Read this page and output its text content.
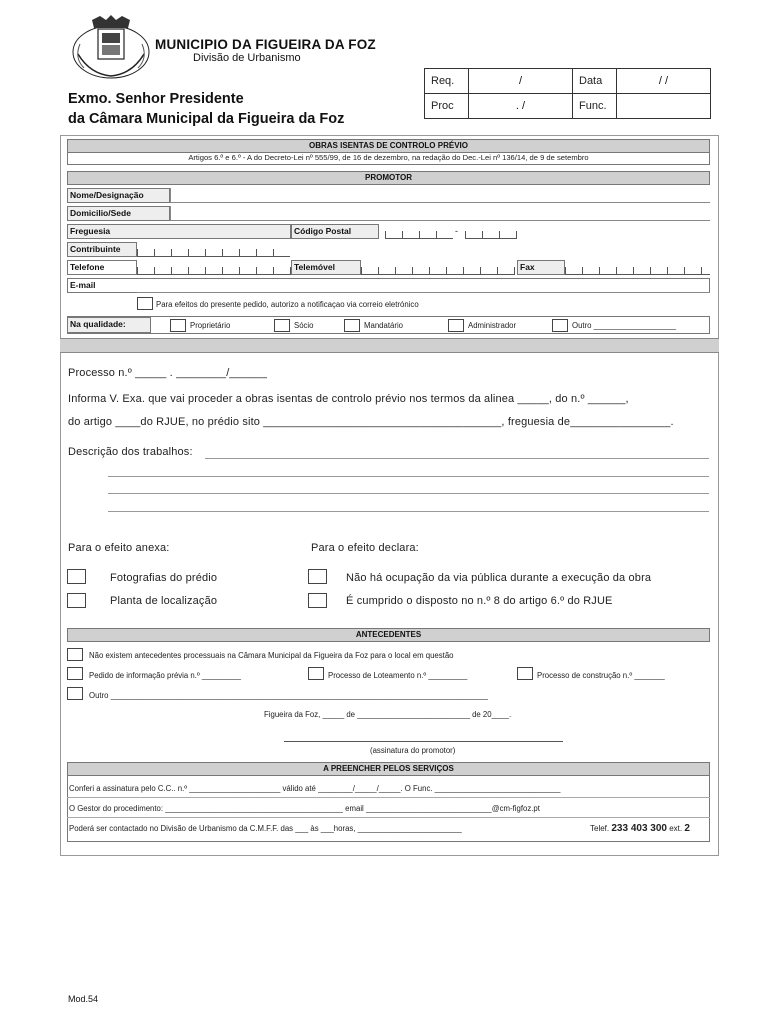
MUNICIPIO DA FIGUEIRA DA FOZ
Divisão de Urbanismo
Exmo. Senhor Presidente
da Câmara Municipal da Figueira da Foz
Req.	/	Data	/ /
Proc	. /	Func.	
OBRAS ISENTAS DE CONTROLO PRÉVIO
Artigos 6.º e 6.º - A do Decreto-Lei nº 555/99, de 16 de dezembro, na redação do Dec.-Lei nº 136/14, de 9 de setembro
PROMOTOR
Nome/Designação
Domicilio/Sede
Freguesia	Código Postal	-
Contribuinte
Telefone	Telemóvel	Fax
E-mail
Para efeitos do presente pedido, autorizo a notificaçao via correio eletrónico
Na qualidade:	Proprietário	Sócio	Mandatário	Administrador	Outro ___________________
Processo n.º _____ . ________/______
Informa V. Exa. que vai proceder a obras isentas de controlo prévio nos termos da alinea _____, do n.º ______,
do artigo ____do RJUE, no prédio sito ______________________________________, freguesia de________________.
Descrição dos trabalhos:
Para o efeito anexa:	Para o efeito declara:
Fotografias do prédio	Não há ocupação da via pública durante a execução da obra
Planta de localização	É cumprido o disposto no n.º 8 do artigo 6.º do RJUE
ANTECEDENTES
Não existem antecedentes processuais na Câmara Municipal da Figueira da Foz para o local em questão
Pedido de informação prévia n.º _________	Processo de Loteamento n.º _________	Processo de construção n.º _______
Outro _______________________________________________________________________________________
Figueira da Foz, _____ de __________________________ de 20____.
(assinatura do promotor)
A PREENCHER PELOS SERVIÇOS
Conferi a assinatura pelo C.C.. n.º _____________________ válido até ________/_____/_____. O Func. _____________________________
O Gestor do procedimento: _________________________________________ email _____________________________@cm-figfoz.pt
Poderá ser contactado no Divisão de Urbanismo da C.M.F.F. das ___ às ___horas, ________________________	Telef. 233 403 300 ext. 2
Mod.54
